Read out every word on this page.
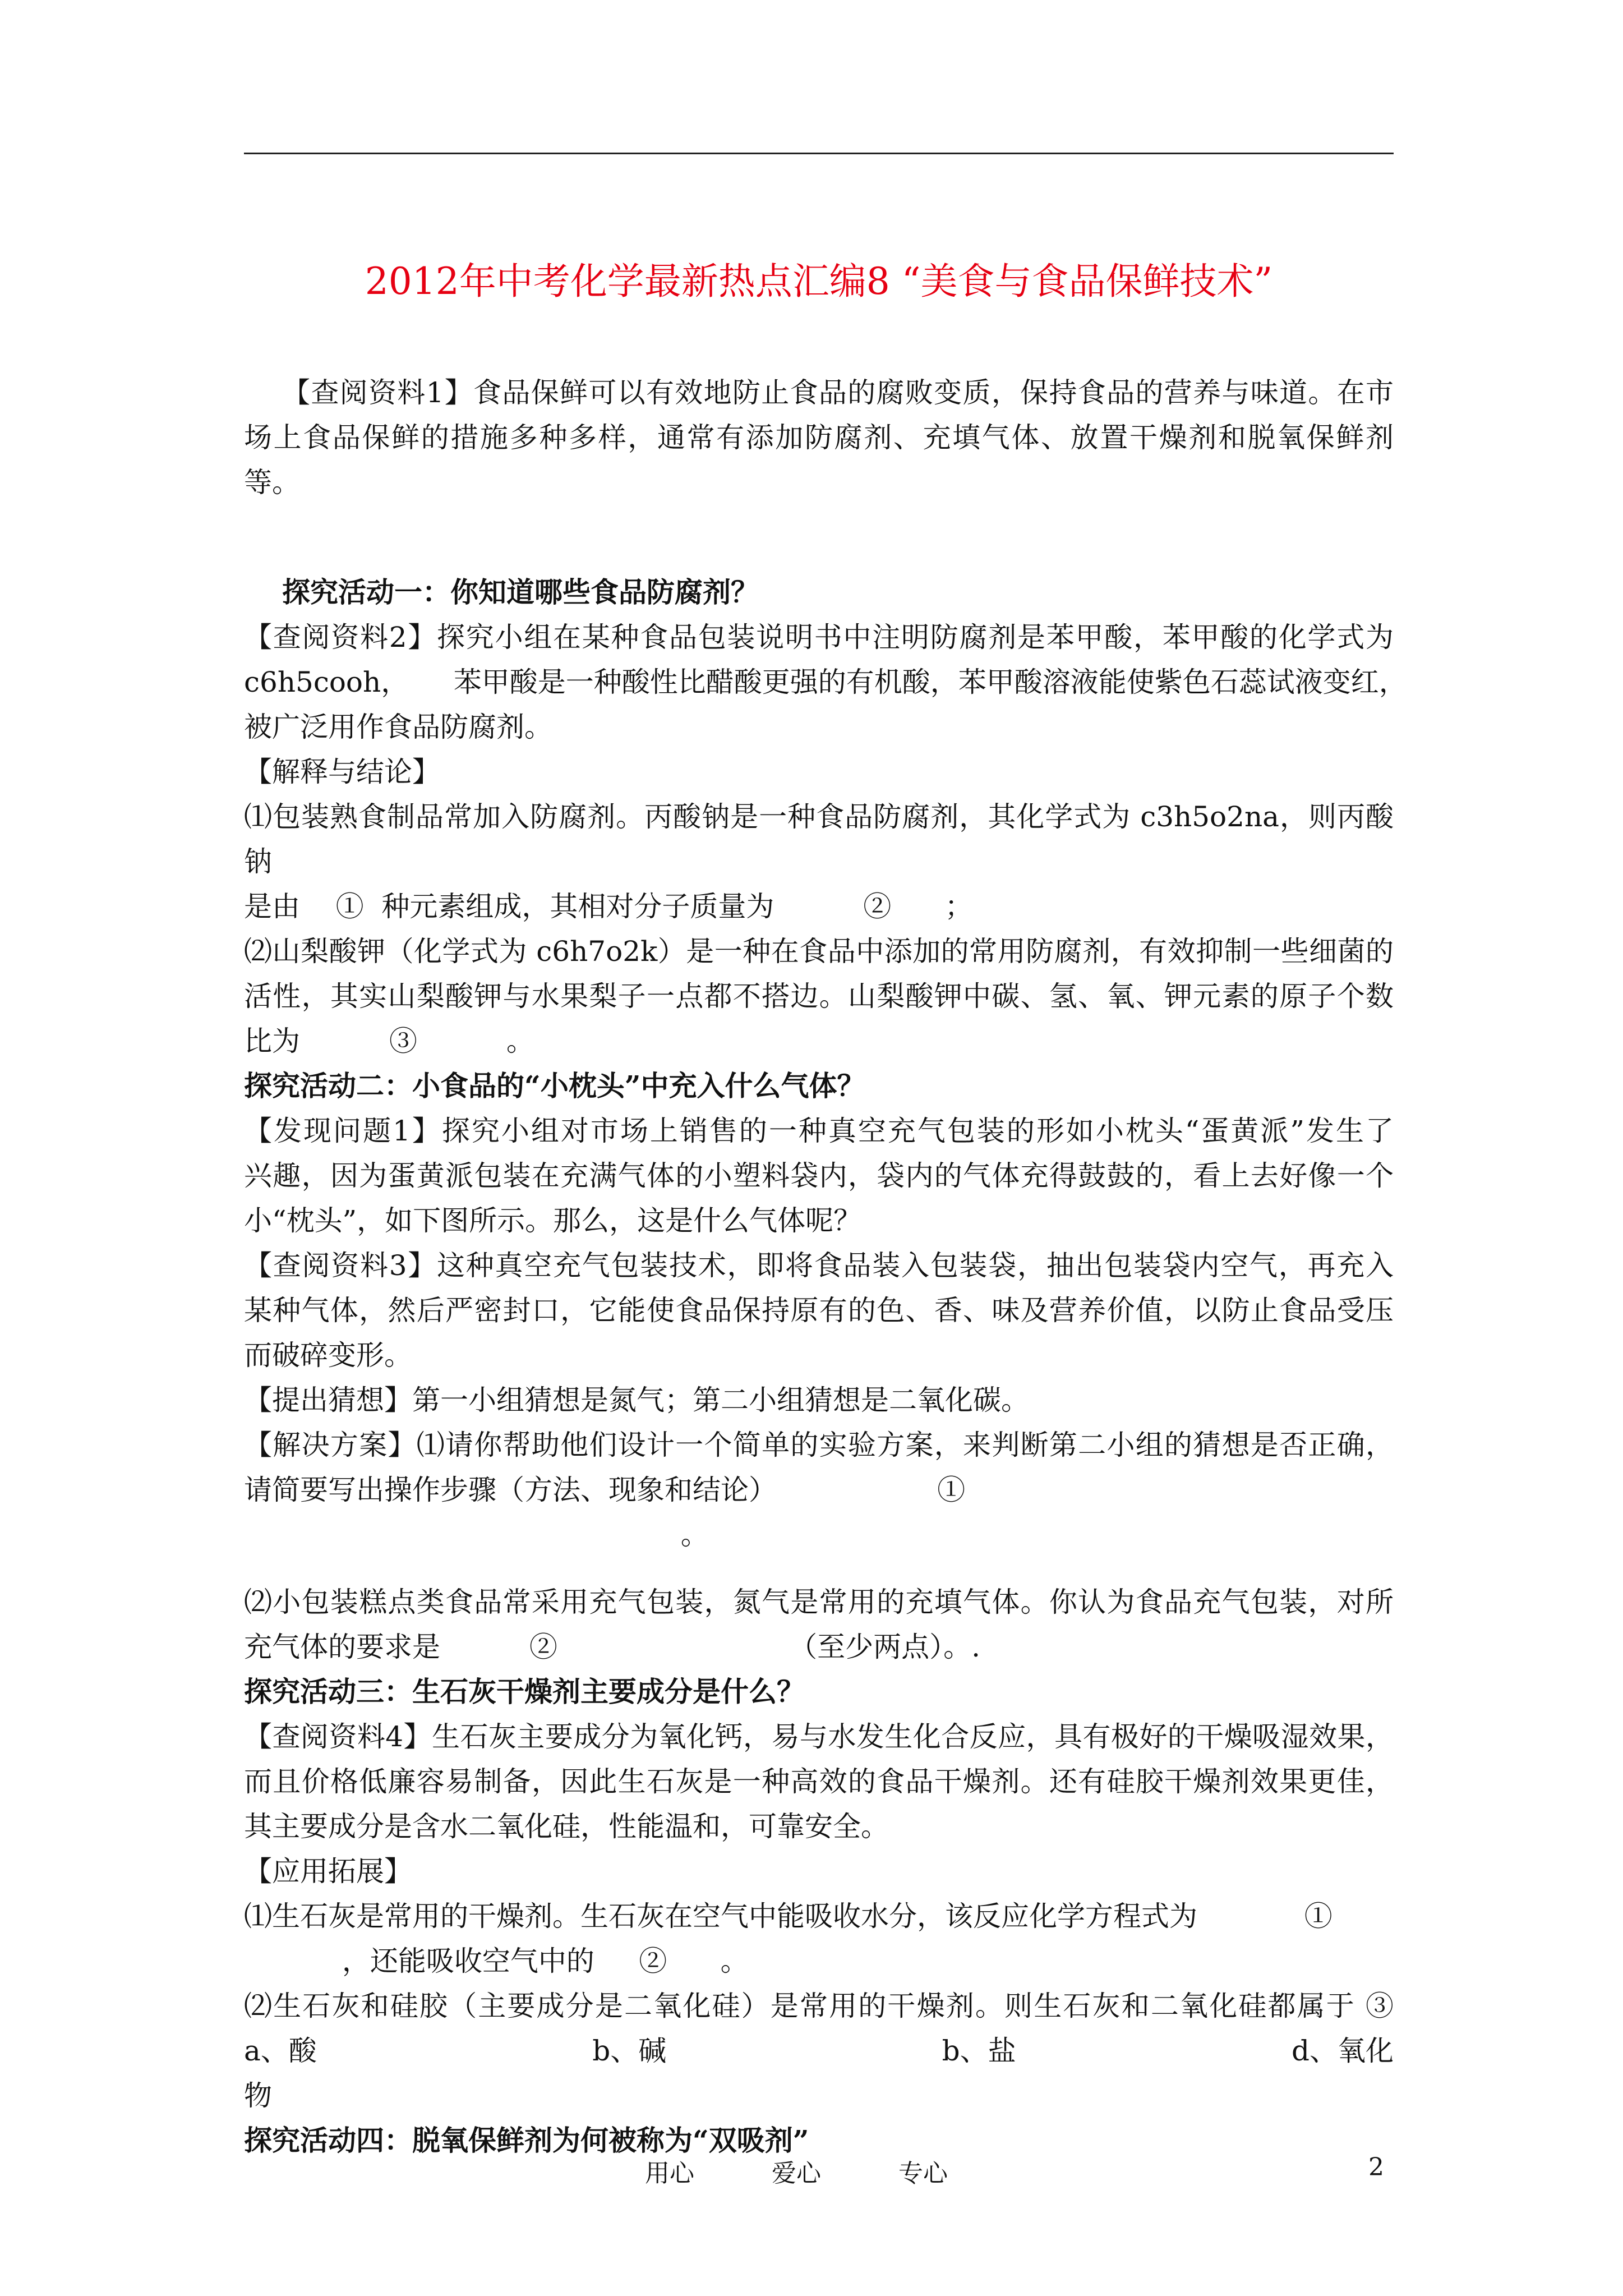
2012年中考化学最新热点汇编8 “美食与食品保鲜技术”
【查阅资料1】食品保鲜可以有效地防止食品的腐败变质，保持食品的营养与味道。在市
场上食品保鲜的措施多种多样，通常有添加防腐剂、充填气体、放置干燥剂和脱氧保鲜剂
等。
探究活动一：你知道哪些食品防腐剂？
【查阅资料2】探究小组在某种食品包装说明书中注明防腐剂是苯甲酸，苯甲酸的化学式为
c6h5cooh，     苯甲酸是一种酸性比醋酸更强的有机酸，苯甲酸溶液能使紫色石蕊试液变红，
被广泛用作食品防腐剂。
【解释与结论】
⑴包装熟食制品常加入防腐剂。丙酸钠是一种食品防腐剂，其化学式为 c3h5o2na，则丙酸钠
是由    ①  种元素组成，其相对分子质量为          ②      ；
⑵山梨酸钾（化学式为 c6h7o2k）是一种在食品中添加的常用防腐剂，有效抑制一些细菌的
活性，其实山梨酸钾与水果梨子一点都不搭边。山梨酸钾中碳、氢、氧、钾元素的原子个数
比为          ③          。
探究活动二：小食品的“小枕头”中充入什么气体？
【发现问题1】探究小组对市场上销售的一种真空充气包装的形如小枕头“蛋黄派”发生了
兴趣，因为蛋黄派包装在充满气体的小塑料袋内，袋内的气体充得鼓鼓的，看上去好像一个
小“枕头”，如下图所示。那么，这是什么气体呢？
【查阅资料3】这种真空充气包装技术，即将食品装入包装袋，抽出包装袋内空气，再充入
某种气体，然后严密封口，它能使食品保持原有的色、香、味及营养价值，以防止食品受压
而破碎变形。
【提出猜想】第一小组猜想是氮气；第二小组猜想是二氧化碳。
【解决方案】⑴请你帮助他们设计一个简单的实验方案，来判断第二小组的猜想是否正确，
请简要写出操作步骤（方法、现象和结论）                  ①
。
⑵小包装糕点类食品常采用充气包装，氮气是常用的充填气体。你认为食品充气包装，对所
充气体的要求是          ②                          （至少两点）。.
探究活动三：生石灰干燥剂主要成分是什么？
【查阅资料4】生石灰主要成分为氧化钙，易与水发生化合反应，具有极好的干燥吸湿效果，
而且价格低廉容易制备，因此生石灰是一种高效的食品干燥剂。还有硅胶干燥剂效果更佳，
其主要成分是含水二氧化硅，性能温和，可靠安全。
【应用拓展】
⑴生石灰是常用的干燥剂。生石灰在空气中能吸收水分，该反应化学方程式为            ①
，还能吸收空气中的     ②      。
⑵生石灰和硅胶（主要成分是二氧化硅）是常用的干燥剂。则生石灰和二氧化硅都属于 ③
a、酸	b、碱	b、盐	d、氧化
物
探究活动四：脱氧保鲜剂为何被称为“双吸剂”
用心	爱心	专心	2
